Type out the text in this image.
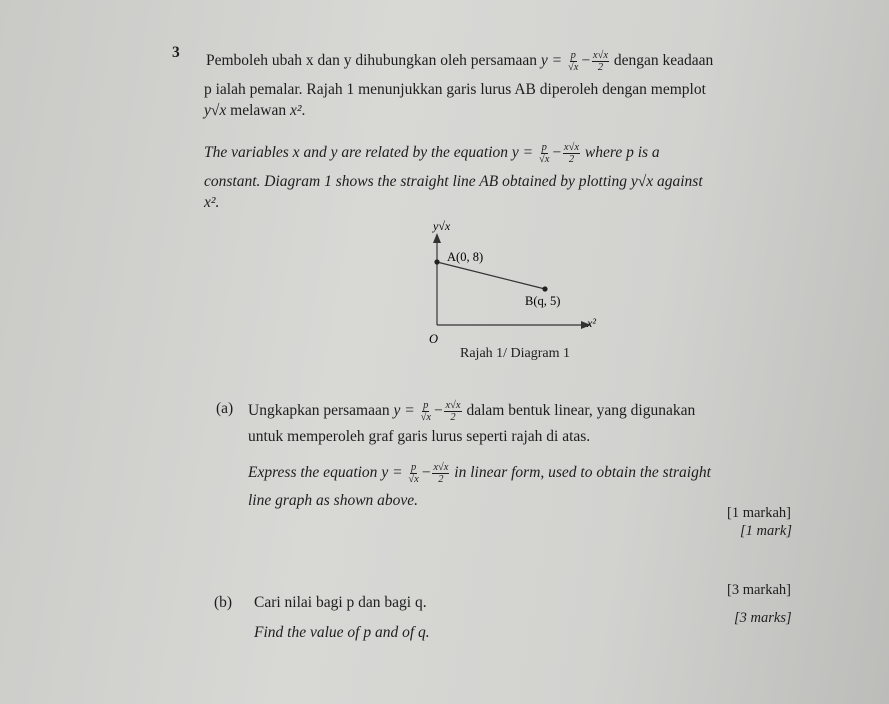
3 Pemboleh ubah x dan y dihubungkan oleh persamaan $y = \frac{p}{√x} - \frac{x√x}{2}$ dengan keadaan
p ialah pemalar. Rajah 1 menunjukkan garis lurus AB diperoleh dengan memplot
y√x melawan x².
The variables x and y are related by the equation $y = \frac{p}{√x} - \frac{x√x}{2}$ where p is a
constant. Diagram 1 shows the straight line AB obtained by plotting y√x against
x².
y√x
A(0, 8)
B(q, 5)
x²
O
Rajah 1/ Diagram 1
(a) Ungkapkan persamaan $y = \frac{p}{√x} - \frac{x√x}{2}$ dalam bentuk linear, yang digunakan
untuk memperoleh graf garis lurus seperti rajah di atas.
Express the equation $y = \frac{p}{√x} - \frac{x√x}{2}$ in linear form, used to obtain the straight
line graph as shown above.
[1 markah]
[1 mark]
[3 markah]
(b) Cari nilai bagi p dan bagi q.
[3 marks]
Find the value of p and of q.
